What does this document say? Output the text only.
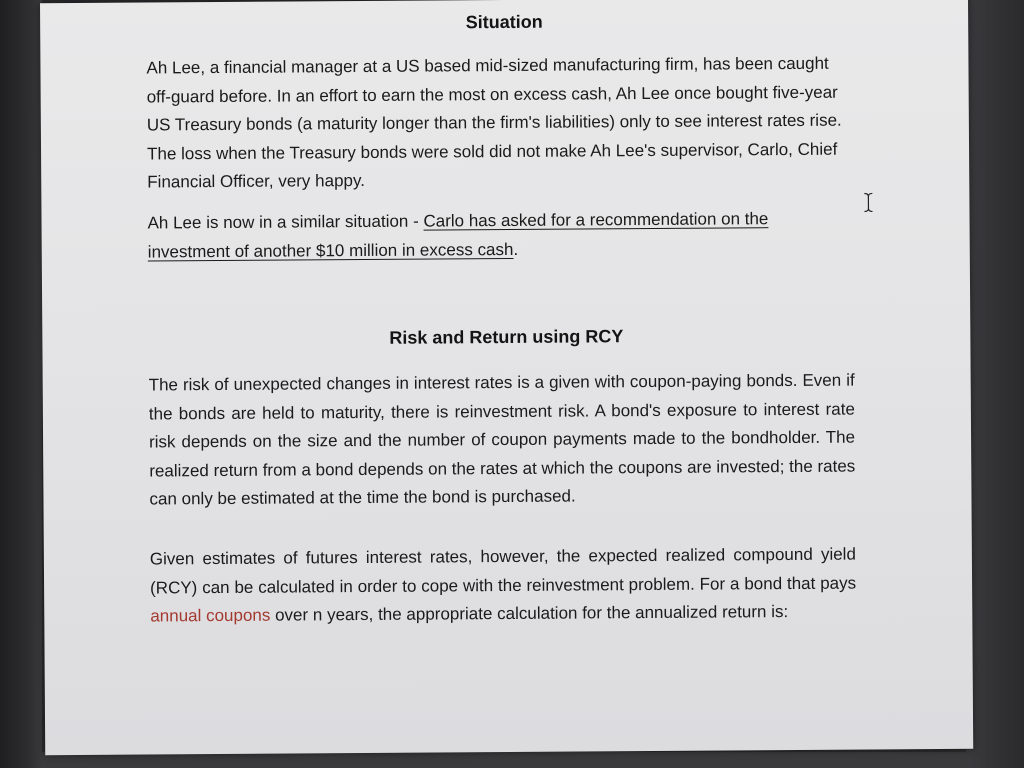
Situation

Ah Lee, a financial manager at a US based mid-sized manufacturing firm, has been caught off-guard before. In an effort to earn the most on excess cash, Ah Lee once bought five-year US Treasury bonds (a maturity longer than the firm's liabilities) only to see interest rates rise. The loss when the Treasury bonds were sold did not make Ah Lee's supervisor, Carlo, Chief Financial Officer, very happy.

Ah Lee is now in a similar situation - Carlo has asked for a recommendation on the investment of another $10 million in excess cash.

Risk and Return using RCY

The risk of unexpected changes in interest rates is a given with coupon-paying bonds. Even if the bonds are held to maturity, there is reinvestment risk. A bond's exposure to interest rate risk depends on the size and the number of coupon payments made to the bondholder. The realized return from a bond depends on the rates at which the coupons are invested; the rates can only be estimated at the time the bond is purchased.

Given estimates of futures interest rates, however, the expected realized compound yield (RCY) can be calculated in order to cope with the reinvestment problem. For a bond that pays annual coupons over n years, the appropriate calculation for the annualized return is:
